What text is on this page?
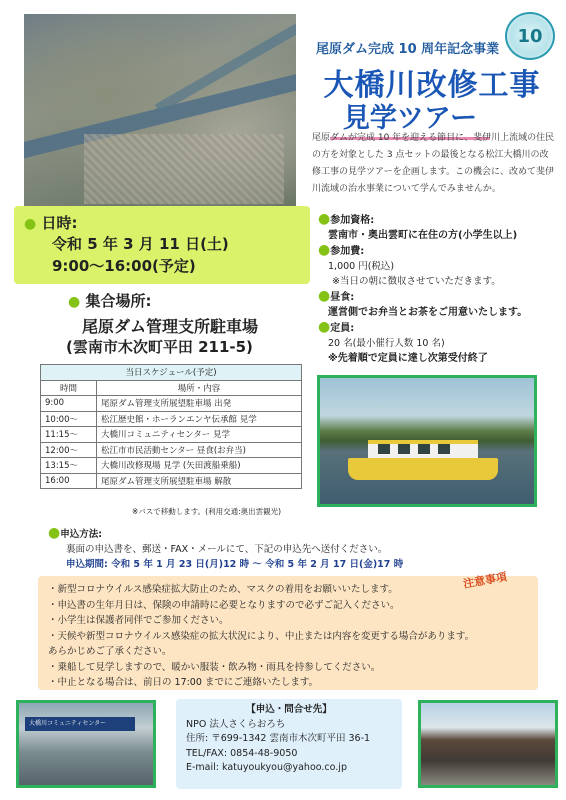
10
尾原ダム完成 10 周年記念事業
大橋川改修工事
見学ツアー
尾原ダムが完成 10 年を迎える節目に、斐伊川上流域の住民の方を対象とした 3 点セットの最後となる松江大橋川の改修工事の見学ツアーを企画します。この機会に、改めて斐伊川流域の治水事業について学んでみませんか。
● 日時:
令和 5 年 3 月 11 日(土)
9:00〜16:00(予定)
● 集合場所:
尾原ダム管理支所駐車場
(雲南市木次町平田 211-5)
●参加資格:
雲南市・奥出雲町に在住の方(小学生以上)
●参加費:
1,000 円(税込)
※当日の朝に徴収させていただきます。
●昼食:
運営側でお弁当とお茶をご用意いたします。
●定員:
20 名(最小催行人数 10 名)
※先着順で定員に達し次第受付終了
当日スケジュール(予定)	
時間	場所・内容
9:00	尾原ダム管理支所展望駐車場 出発
10:00〜	松江歴史館・ホーランエンヤ伝承館 見学
11:15〜	大橋川コミュニティセンター 見学
12:00〜	松江市市民活動センター 昼食(お弁当)
13:15〜	大橋川改修現場 見学 (矢田渡船乗船)
16:00	尾原ダム管理支所展望駐車場 解散
※バスで移動します。(利用交通:奥出雲観光)
●申込方法:
裏面の申込書を、郵送・FAX・メールにて、下記の申込先へ送付ください。
申込期間: 令和 5 年 1 月 23 日(月)12 時 〜 令和 5 年 2 月 17 日(金)17 時
・新型コロナウイルス感染症拡大防止のため、マスクの着用をお願いいたします。
・申込書の生年月日は、保険の申請時に必要となりますので必ずご記入ください。
・小学生は保護者同伴でご参加ください。
・天候や新型コロナウイルス感染症の拡大状況により、中止または内容を変更する場合があります。
あらかじめご了承ください。
・乗船して見学しますので、暖かい服装・飲み物・雨具を持参してください。
・中止となる場合は、前日の 17:00 までにご連絡いたします。
注意事項
大橋川コミュニティセンター
【申込・問合せ先】
NPO 法人さくらおろち
住所: 〒699-1342 雲南市木次町平田 36-1
TEL/FAX: 0854-48-9050
E-mail: katuyoukyou@yahoo.co.jp
